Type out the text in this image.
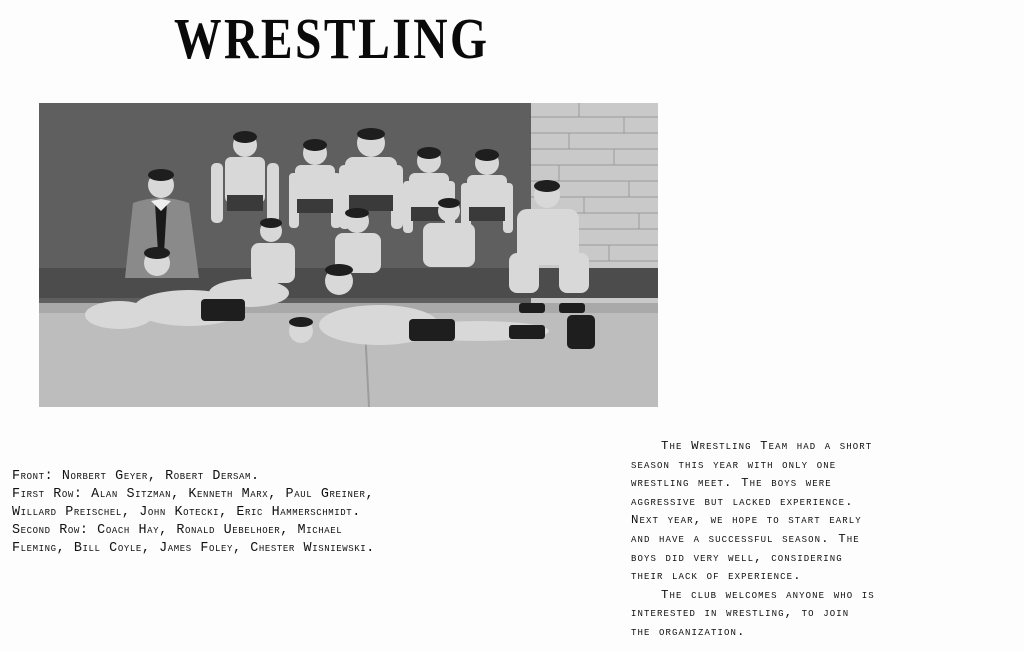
WRESTLING
Front: Norbert Geyer, Robert Dersam.
First Row: Alan Sitzman, Kenneth Marx, Paul Greiner,
Willard Preischel, John Kotecki, Eric Hammerschmidt.
Second Row: Coach Hay, Ronald Uebelhoer, Michael
Fleming, Bill Coyle, James Foley, Chester Wisniewski.
The Wrestling Team had a short
season this year with only one
wrestling meet. The boys were
aggressive but lacked experience.
Next year, we hope to start early
and have a successful season. The
boys did very well, considering
their lack of experience.
The club welcomes anyone who is
interested in wrestling, to join
the organization.
